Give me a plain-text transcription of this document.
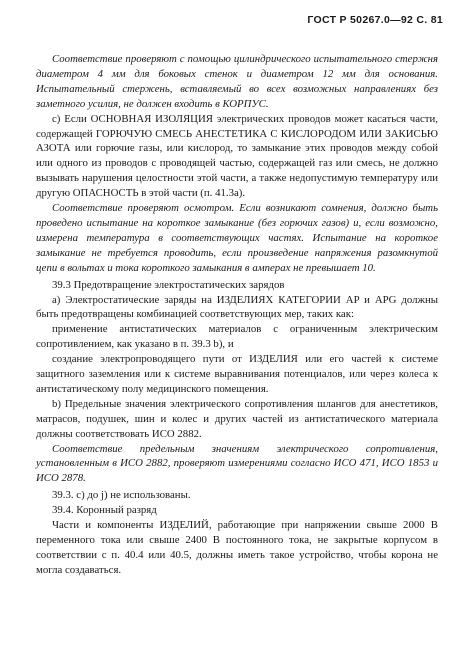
ГОСТ Р 50267.0—92 С. 81

Соответствие проверяют с помощью цилиндрического испытательного стержня диаметром 4 мм для боковых стенок и диаметром 12 мм для основания. Испытательный стержень, вставляемый во всех возможных направлениях без заметного усилия, не должен входить в КОРПУС.

с) Если ОСНОВНАЯ ИЗОЛЯЦИЯ электрических проводов может касаться части, содержащей ГОРЮЧУЮ СМЕСЬ АНЕСТЕТИКА С КИСЛОРОДОМ ИЛИ ЗАКИСЬЮ АЗОТА или горючие газы, или кислород, то замыкание этих проводов между собой или одного из проводов с проводящей частью, содержащей газ или смесь, не должно вызывать нарушения целостности этой части, а также недопустимую температуру или другую ОПАСНОСТЬ в этой части (п. 41.3а).

Соответствие проверяют осмотром. Если возникают сомнения, должно быть проведено испытание на короткое замыкание (без горючих газов) и, если возможно, измерена температура в соответствующих частях. Испытание на короткое замыкание не требуется проводить, если произведение напряжения разомкнутой цепи в вольтах и тока короткого замыкания в амперах не превышает 10.

39.3 Предотвращение электростатических зарядов

a) Электростатические заряды на ИЗДЕЛИЯХ КАТЕГОРИИ AP и APG должны быть предотвращены комбинацией соответствующих мер, таких как:

применение антистатических материалов с ограниченным электрическим сопротивлением, как указано в п. 39.3 b), и

создание электропроводящего пути от ИЗДЕЛИЯ или его частей к системе защитного заземления или к системе выравнивания потенциалов, или через колеса к антистатическому полу медицинского помещения.

b) Предельные значения электрического сопротивления шлангов для анестетиков, матрасов, подушек, шин и колес и других частей из антистатического материала должны соответствовать ИСО 2882.

Соответствие предельным значениям электрического сопротивления, установленным в ИСО 2882, проверяют измерениями согласно ИСО 471, ИСО 1853 и ИСО 2878.

39.3. с) до j) не использованы.

39.4. Коронный разряд

Части и компоненты ИЗДЕЛИЙ, работающие при напряжении свыше 2000 В переменного тока или свыше 2400 В постоянного тока, не закрытые корпусом в соответствии с п. 40.4 или 40.5, должны иметь такое устройство, чтобы корона не могла создаваться.
